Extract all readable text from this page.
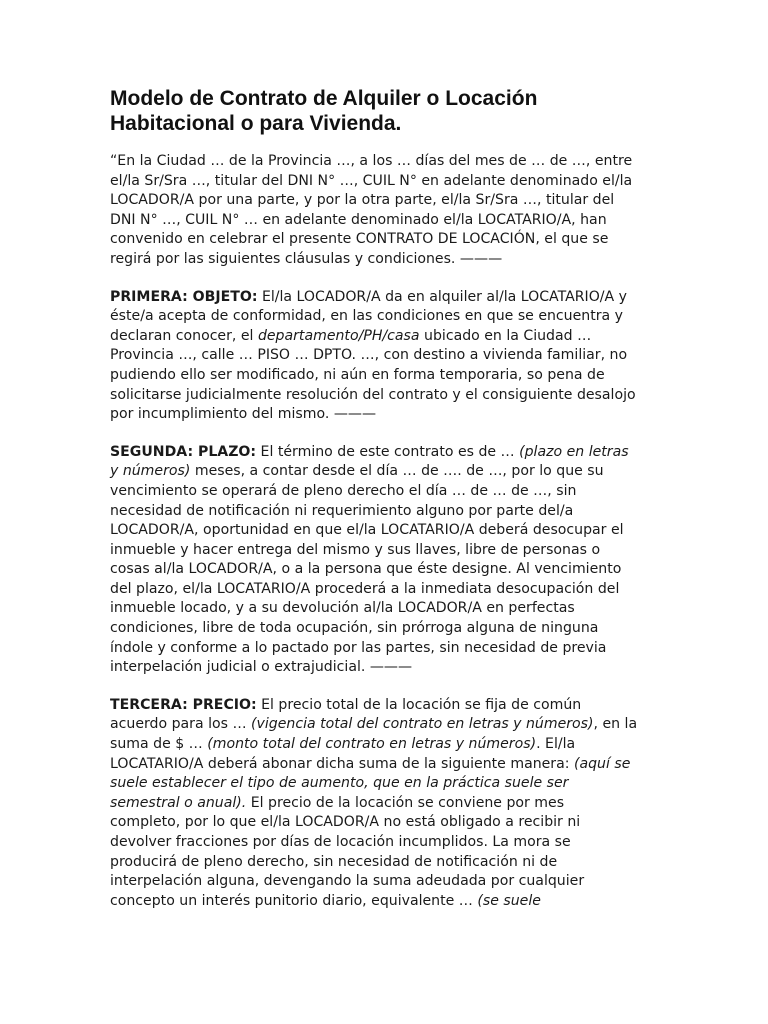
Modelo de Contrato de Alquiler o Locación Habitacional o para Vivienda.

“En la Ciudad … de la Provincia …, a los … días del mes de … de …, entre el/la Sr/Sra …, titular del DNI N° …, CUIL N° en adelante denominado el/la LOCADOR/A por una parte, y por la otra parte, el/la Sr/Sra …, titular del DNI N° …, CUIL N° … en adelante denominado el/la LOCATARIO/A, han convenido en celebrar el presente CONTRATO DE LOCACIÓN, el que se regirá por las siguientes cláusulas y condiciones. ———

PRIMERA: OBJETO: El/la LOCADOR/A da en alquiler al/la LOCATARIO/A y éste/a acepta de conformidad, en las condiciones en que se encuentra y declaran conocer, el departamento/PH/casa ubicado en la Ciudad … Provincia …, calle … PISO … DPTO. …, con destino a vivienda familiar, no pudiendo ello ser modificado, ni aún en forma temporaria, so pena de solicitarse judicialmente resolución del contrato y el consiguiente desalojo por incumplimiento del mismo. ———

SEGUNDA: PLAZO: El término de este contrato es de … (plazo en letras y números) meses, a contar desde el día … de …. de …, por lo que su vencimiento se operará de pleno derecho el día … de … de …, sin necesidad de notificación ni requerimiento alguno por parte del/a LOCADOR/A, oportunidad en que el/la LOCATARIO/A deberá desocupar el inmueble y hacer entrega del mismo y sus llaves, libre de personas o cosas al/la LOCADOR/A, o a la persona que éste designe. Al vencimiento del plazo, el/la LOCATARIO/A procederá a la inmediata desocupación del inmueble locado, y a su devolución al/la LOCADOR/A en perfectas condiciones, libre de toda ocupación, sin prórroga alguna de ninguna índole y conforme a lo pactado por las partes, sin necesidad de previa interpelación judicial o extrajudicial. ———

TERCERA: PRECIO: El precio total de la locación se fija de común acuerdo para los … (vigencia total del contrato en letras y números), en la suma de $ … (monto total del contrato en letras y números). El/la LOCATARIO/A deberá abonar dicha suma de la siguiente manera: (aquí se suele establecer el tipo de aumento, que en la práctica suele ser semestral o anual). El precio de la locación se conviene por mes completo, por lo que el/la LOCADOR/A no está obligado a recibir ni devolver fracciones por días de locación incumplidos. La mora se producirá de pleno derecho, sin necesidad de notificación ni de interpelación alguna, devengando la suma adeudada por cualquier concepto un interés punitorio diario, equivalente … (se suele
